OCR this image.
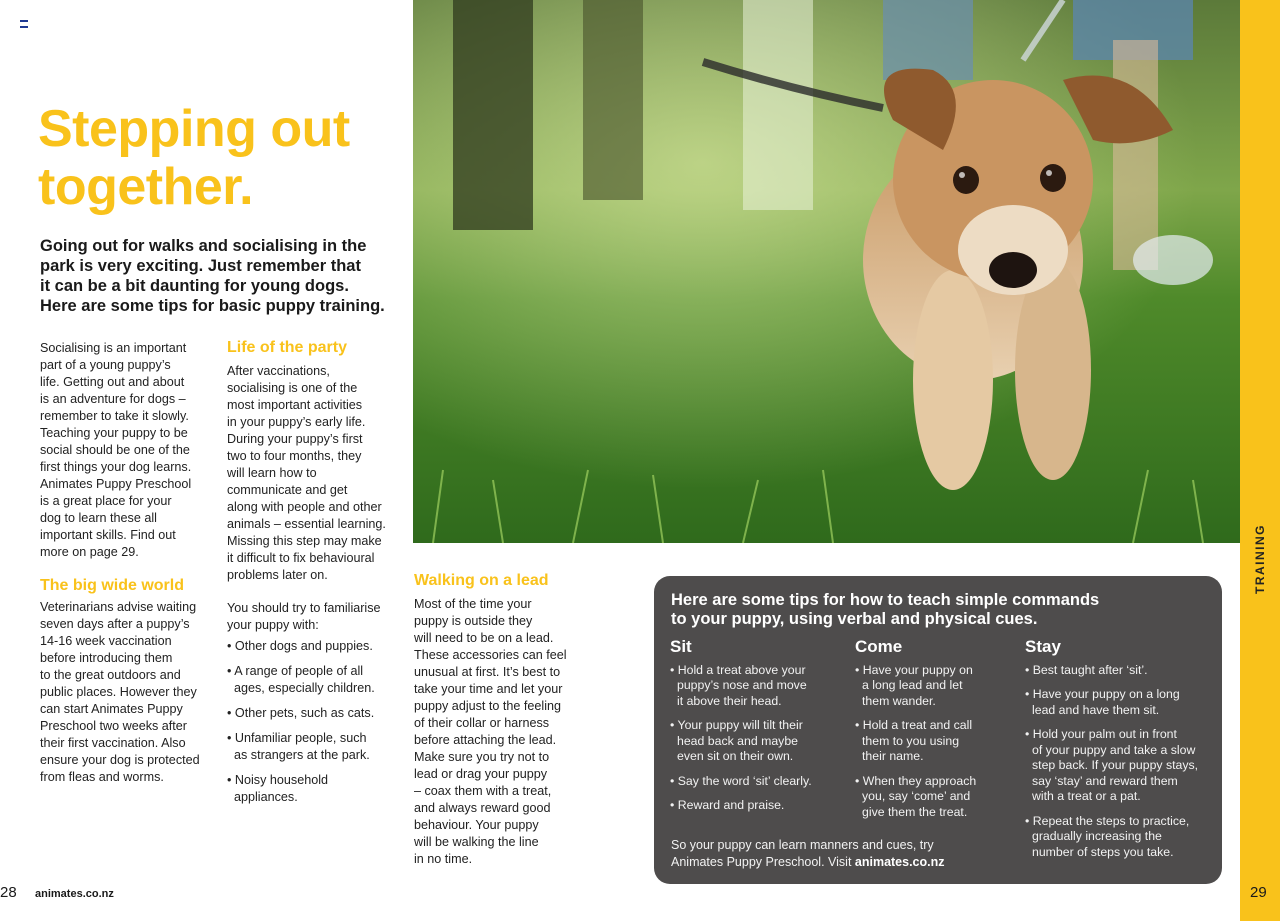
Stepping out
together.
Going out for walks and socialising in the
park is very exciting. Just remember that
it can be a bit daunting for young dogs.
Here are some tips for basic puppy training.
Socialising is an important
part of a young puppy’s
life. Getting out and about
is an adventure for dogs –
remember to take it slowly.
Teaching your puppy to be
social should be one of the
first things your dog learns.
Animates Puppy Preschool
is a great place for your
dog to learn these all
important skills. Find out
more on page 29.
The big wide world
Veterinarians advise waiting
seven days after a puppy’s
14-16 week vaccination
before introducing them
to the great outdoors and
public places. However they
can start Animates Puppy
Preschool two weeks after
their first vaccination. Also
ensure your dog is protected
from fleas and worms.
Life of the party
After vaccinations,
socialising is one of the
most important activities
in your puppy’s early life.
During your puppy’s first
two to four months, they
will learn how to
communicate and get
along with people and other
animals – essential learning.
Missing this step may make
it difficult to fix behavioural
problems later on.
You should try to familiarise
your puppy with:
• Other dogs and puppies.
• A range of people of all
ages, especially children.
• Other pets, such as cats.
• Unfamiliar people, such
as strangers at the park.
• Noisy household
appliances.
Walking on a lead
Most of the time your
puppy is outside they
will need to be on a lead.
These accessories can feel
unusual at first. It’s best to
take your time and let your
puppy adjust to the feeling
of their collar or harness
before attaching the lead.
Make sure you try not to
lead or drag your puppy
– coax them with a treat,
and always reward good
behaviour. Your puppy
will be walking the line
in no time.
TRAINING
Here are some tips for how to teach simple commands
to your puppy, using verbal and physical cues.
Sit
• Hold a treat above your
puppy’s nose and move
it above their head.
• Your puppy will tilt their
head back and maybe
even sit on their own.
• Say the word ‘sit’ clearly.
• Reward and praise.
Come
• Have your puppy on
a long lead and let
them wander.
• Hold a treat and call
them to you using
their name.
• When they approach
you, say ‘come’ and
give them the treat.
Stay
• Best taught after ‘sit’.
• Have your puppy on a long
lead and have them sit.
• Hold your palm out in front
of your puppy and take a slow
step back. If your puppy stays,
say ‘stay’ and reward them
with a treat or a pat.
• Repeat the steps to practice,
gradually increasing the
number of steps you take.
So your puppy can learn manners and cues, try
Animates Puppy Preschool. Visit animates.co.nz
28 animates.co.nz	29
